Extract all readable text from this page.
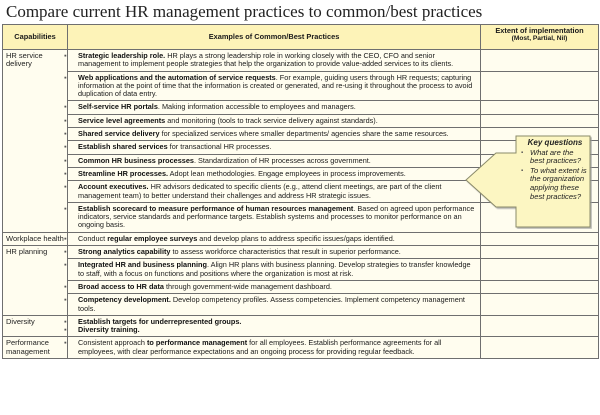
Compare current HR management practices to common/best practices
Capabilities	Examples of Common/Best Practices	Extent of implementation
(Most, Partial, Nil)

HR service delivery	▪ Strategic leadership role. HR plays a strong leadership role in working closely with the CEO, CFO and senior management to implement people strategies that help the organization to provide value-added services to its clients.	

	▪ Web applications and the automation of service requests. For example, guiding users through HR requests; capturing information at the point of time that the information is created or generated, and re-using it throughout the process to avoid duplication of data entry.	

	▪ Self-service HR portals. Making information accessible to employees and managers.	

	▪ Service level agreements and monitoring (tools to track service delivery against standards).	

	▪ Shared service delivery for specialized services where smaller departments/ agencies share the same resources.	

	▪ Establish shared services for transactional HR processes.	

	▪ Common HR business processes. Standardization of HR processes across government.	

	▪ Streamline HR processes. Adopt lean methodologies. Engage employees in process improvements.	

	▪ Account executives. HR advisors dedicated to specific clients (e.g., attend client meetings, are part of the client management team) to better understand their challenges and address HR strategic issues.	

	▪ Establish scorecard to measure performance of human resources management. Based on agreed upon performance indicators, service standards and performance targets. Establish systems and processes to monitor performance on an ongoing basis.	

Workplace health	▪ Conduct regular employee surveys and develop plans to address specific issues/gaps identified.	

HR planning	▪ Strong analytics capability to assess workforce characteristics that result in superior performance.	

	▪ Integrated HR and business planning. Align HR plans with business planning. Develop strategies to transfer knowledge to staff, with a focus on functions and positions where the organization is most at risk.	

	▪ Broad access to HR data through government-wide management dashboard.	

	▪ Competency development. Develop competency profiles. Assess competencies. Implement competency management tools.	

Diversity	▪ Establish targets for underrepresented groups.
▪ Diversity training.	

Performance management	▪ Consistent approach to performance management for all employees. Establish performance agreements for all employees, with clear performance expectations and an ongoing process for providing regular feedback.	

Key questions
▪ What are the best practices?
▪ To what extent is the organization applying these best practices?
